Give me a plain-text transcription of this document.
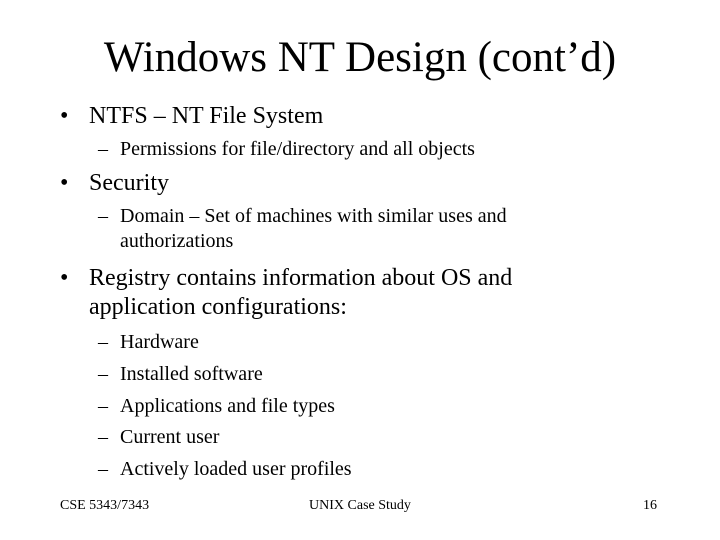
Windows NT Design (cont’d)
• NTFS – NT File System
– Permissions for file/directory and all objects
• Security
– Domain – Set of machines with similar uses and
authorizations
• Registry contains information about OS and
application configurations:
– Hardware
– Installed software
– Applications and file types
– Current user
– Actively loaded user profiles
CSE 5343/7343	UNIX Case Study	16
